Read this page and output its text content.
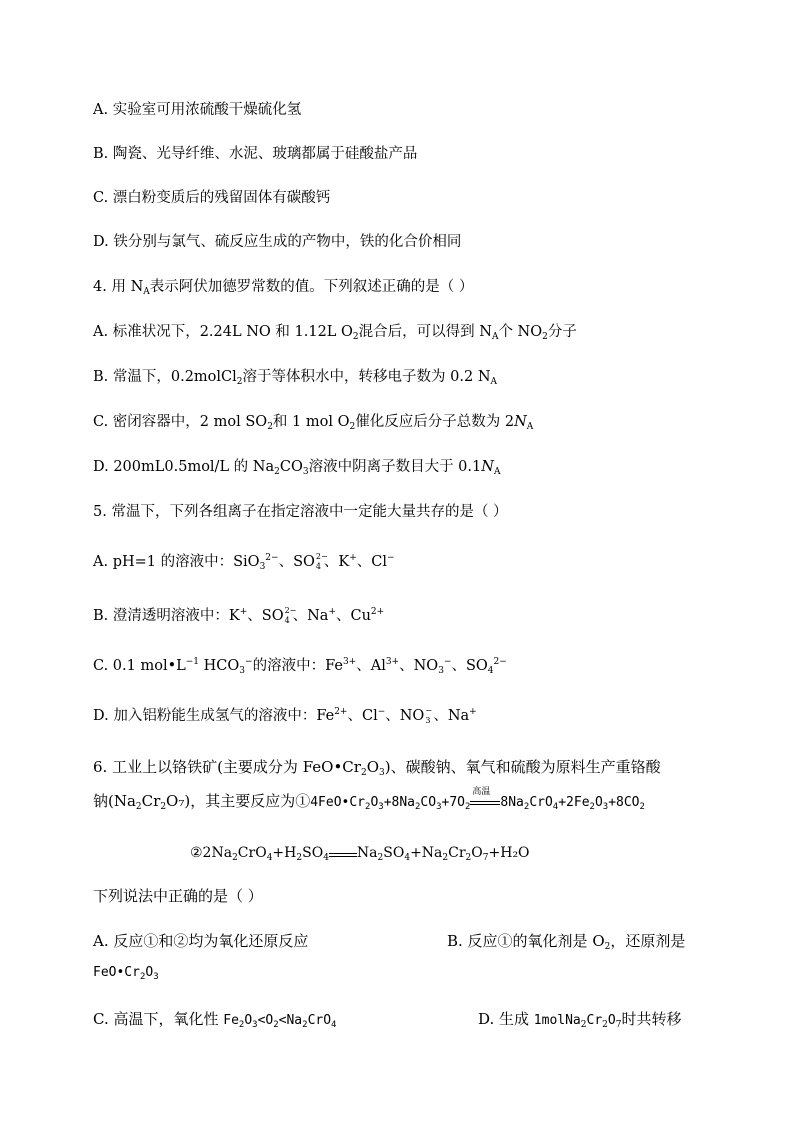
A. 实验室可用浓硫酸干燥硫化氢
B. 陶瓷、光导纤维、水泥、玻璃都属于硅酸盐产品
C. 漂白粉变质后的残留固体有碳酸钙
D. 铁分别与氯气、硫反应生成的产物中，铁的化合价相同
4. 用 $N_A$表示阿伏加德罗常数的值。下列叙述正确的是（ ）
A. 标准状况下，2.24L NO 和 1.12L $O_2$混合后，可以得到 $N_A$个 $NO_2$分子
B. 常温下，0.2molCl$_2$溶于等体积水中，转移电子数为 0.2 $N_A$
C. 密闭容器中，2 mol $SO_2$和 1 mol $O_2$催化反应后分子总数为 $2N_A$
D. 200mL0.5mol/L 的 $Na_2CO_3$溶液中阴离子数目大于 $0.1N_A$
5. 常温下，下列各组离子在指定溶液中一定能大量共存的是（ ）
A. pH=1 的溶液中：SiO$_3^{2-}$、SO 2−
4 、K+、Cl−
B. 澄清透明溶液中：K+、SO 2−
4 、Na+、$Cu^{2+}$
C. 0.1 $mol•L^{-1}$ $HCO_3^-$的溶液中：$Fe^{3+}$、$Al^{3+}$、$NO_3^-$、$SO_4^{2-}$
D. 加入铝粉能生成氢气的溶液中：$Fe^{2+}$、Cl−、NO −
3 、Na+
6. 工业上以铬铁矿(主要成分为 $FeO•Cr_2O_3$)、碳酸钠、氧气和硫酸为原料生产重铬酸
钠$(Na_2Cr_2O_7)$，其主要反应为$①4FeO•Cr_2O_3+8Na_2CO_3+7O_2$
高温
$8Na_2CrO_4+2Fe_2O_3+8CO_2$
$②2Na_2CrO_4+H_2SO_4$ $Na_2SO_4+Na_2Cr_2O_7+H_2O$
下列说法中正确的是（ ）
A. 反应①和②均为氧化还原反应	B. 反应①的氧化剂是 $O_2$，还原剂是
$FeO•Cr_2O_3$
C. 高温下，氧化性 $Fe_2O_3<O_2<Na_2CrO_4$	D. 生成 $1molNa_2Cr_2O_7$时共转移
